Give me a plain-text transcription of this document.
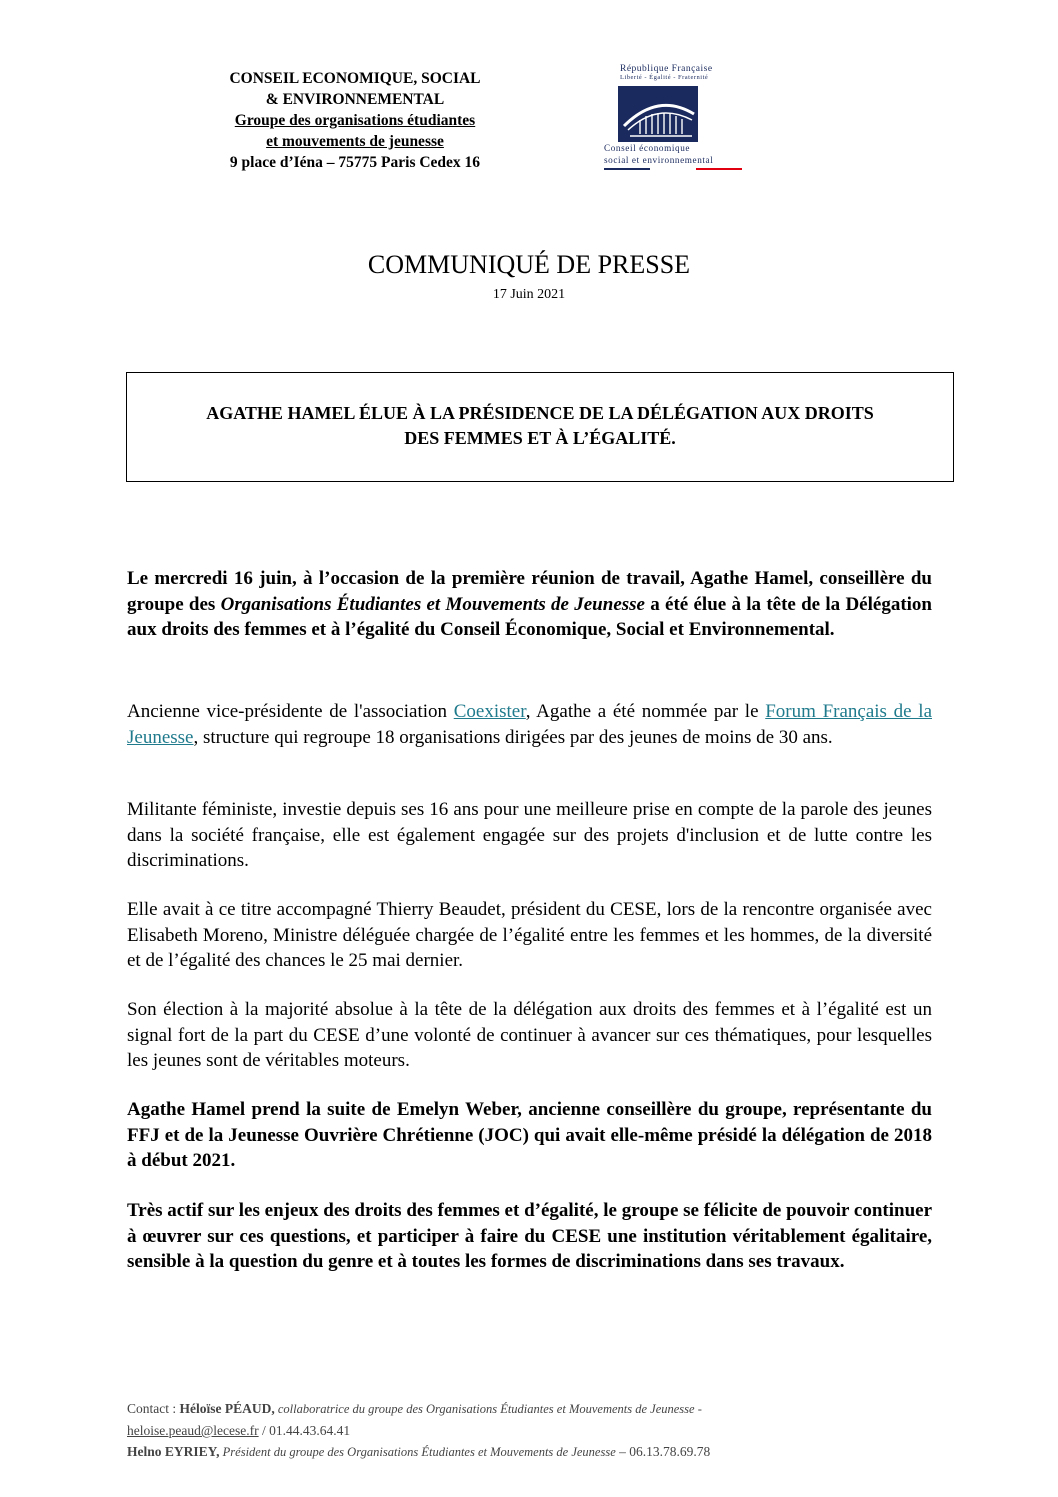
CONSEIL ECONOMIQUE, SOCIAL
& ENVIRONNEMENTAL
Groupe des organisations étudiantes
et mouvements de jeunesse
9 place d’Iéna – 75775 Paris Cedex 16
République Française
Liberté - Égalité - Fraternité
Conseil économique
social et environnemental
COMMUNIQUÉ DE PRESSE
17 Juin 2021
AGATHE HAMEL ÉLUE À LA PRÉSIDENCE DE LA DÉLÉGATION AUX DROITS
DES FEMMES ET À L’ÉGALITÉ.

Le mercredi 16 juin, à l’occasion de la première réunion de travail, Agathe Hamel, conseillère du groupe des Organisations Étudiantes et Mouvements de Jeunesse a été élue à la tête de la Délégation aux droits des femmes et à l’égalité du Conseil Économique, Social et Environnemental.

Ancienne vice-présidente de l'association Coexister, Agathe a été nommée par le Forum Français de la Jeunesse, structure qui regroupe 18 organisations dirigées par des jeunes de moins de 30 ans.

Militante féministe, investie depuis ses 16 ans pour une meilleure prise en compte de la parole des jeunes dans la société française, elle est également engagée sur des projets d'inclusion et de lutte contre les discriminations.

Elle avait à ce titre accompagné Thierry Beaudet, président du CESE, lors de la rencontre organisée avec Elisabeth Moreno, Ministre déléguée chargée de l’égalité entre les femmes et les hommes, de la diversité et de l’égalité des chances le 25 mai dernier.

Son élection à la majorité absolue à la tête de la délégation aux droits des femmes et à l’égalité est un signal fort de la part du CESE d’une volonté de continuer à avancer sur ces thématiques, pour lesquelles les jeunes sont de véritables moteurs.

Agathe Hamel prend la suite de Emelyn Weber, ancienne conseillère du groupe, représentante du FFJ et de la Jeunesse Ouvrière Chrétienne (JOC) qui avait elle-même présidé la délégation de 2018 à début 2021.

Très actif sur les enjeux des droits des femmes et d’égalité, le groupe se félicite de pouvoir continuer à œuvrer sur ces questions, et participer à faire du CESE une institution véritablement égalitaire, sensible à la question du genre et à toutes les formes de discriminations dans ses travaux.

Contact : Héloïse PÉAUD, collaboratrice du groupe des Organisations Étudiantes et Mouvements de Jeunesse -
heloise.peaud@lecese.fr / 01.44.43.64.41
Helno EYRIEY, Président du groupe des Organisations Étudiantes et Mouvements de Jeunesse – 06.13.78.69.78
